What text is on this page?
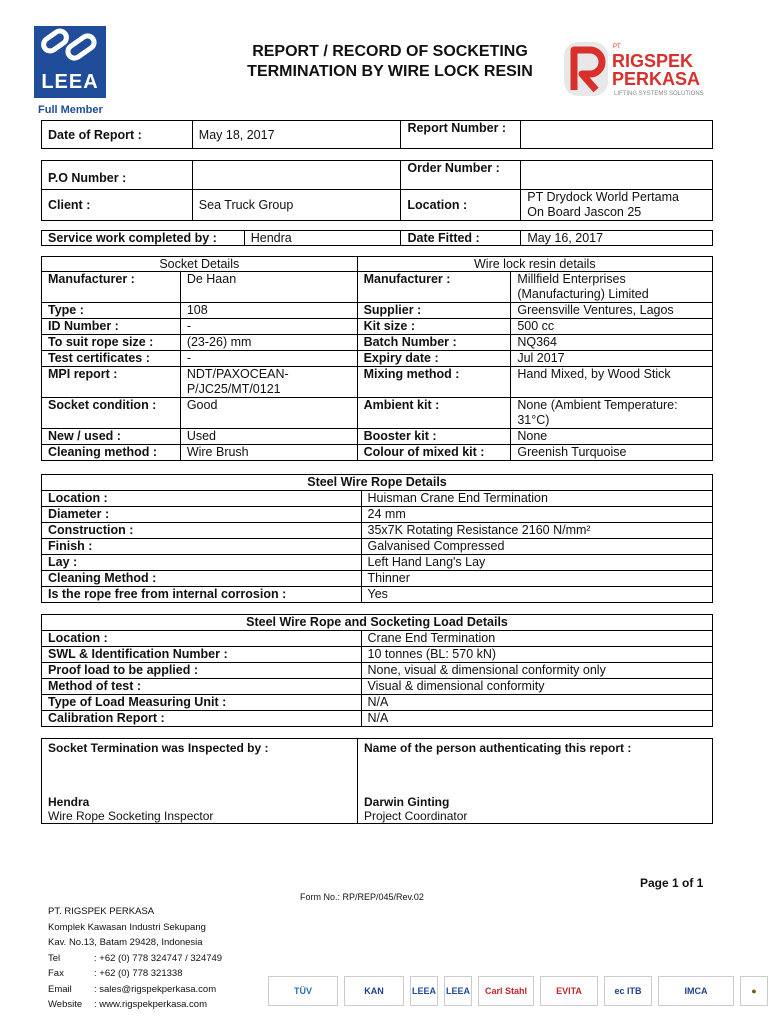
LEEA
Full Member
REPORT / RECORD OF SOCKETING
TERMINATION BY WIRE LOCK RESIN
PT
RIGSPEK
PERKASA
LIFTING SYSTEMS SOLUTIONS
Date of Report :	May 18, 2017	Report Number :	
P.O Number :		Order Number :	
Client :	Sea Truck Group	Location :	PT Drydock World Pertama
On Board Jascon 25
Service work completed by :	Hendra	Date Fitted :	May 16, 2017
Socket Details		Wire lock resin details	
Manufacturer :	De Haan	Manufacturer :	Millfield Enterprises
(Manufacturing) Limited

Type :	108	Supplier :	Greensville Ventures, Lagos

ID Number :	-	Kit size :	500 cc

To suit rope size :	(23-26) mm	Batch Number :	NQ364

Test certificates :	-	Expiry date :	Jul 2017

MPI report :	NDT/PAXOCEAN-
P/JC25/MT/0121	Mixing method :	Hand Mixed, by Wood Stick

Socket condition :	Good	Ambient kit :	None (Ambient Temperature:
31°C)

New / used :	Used	Booster kit :	None

Cleaning method :	Wire Brush	Colour of mixed kit :	Greenish Turquoise
Steel Wire Rope Details	
Location :	Huisman Crane End Termination
Diameter :	24 mm
Construction :	35x7K Rotating Resistance 2160 N/mm²
Finish :	Galvanised Compressed
Lay :	Left Hand Lang's Lay
Cleaning Method :	Thinner
Is the rope free from internal corrosion :	Yes
Steel Wire Rope and Socketing Load Details	
Location :	Crane End Termination
SWL & Identification Number :	10 tonnes (BL: 570 kN)
Proof load to be applied :	None, visual & dimensional conformity only
Method of test :	Visual & dimensional conformity
Type of Load Measuring Unit :	N/A
Calibration Report :	N/A
Socket Termination was Inspected by :
Hendra
Wire Rope Socketing Inspector
Name of the person authenticating this report :
Darwin Ginting
Project Coordinator
Page 1 of 1
Form No.: RP/REP/045/Rev.02
PT. RIGSPEK PERKASA
Komplek Kawasan Industri Sekupang
Kav. No.13, Batam 29428, Indonesia
Tel	: +62 (0) 778 324747 / 324749
Fax	: +62 (0) 778 321338
Email : sales@rigspekperkasa.com
Website : www.rigspekperkasa.com
TÜV	KAN	LEEA LEEA	Carl Stahl	EVITA	ec ITB	IMCA	●
